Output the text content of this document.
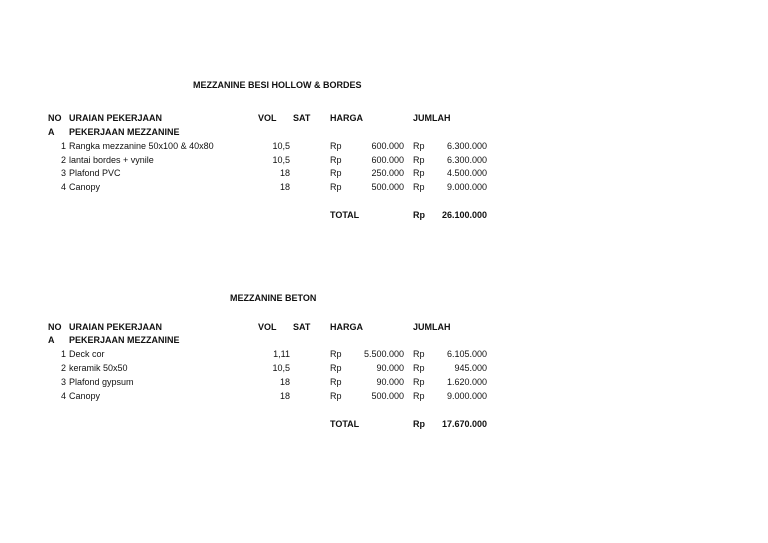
MEZZANINE BESI HOLLOW & BORDES
NO URAIAN PEKERJAAN	VOL SAT HARGA	JUMLAH
A PEKERJAAN MEZZANINE
1 Rangka mezzanine 50x100 & 40x80	10,5	Rp	600.000 Rp	6.300.000
2 lantai bordes + vynile	10,5	Rp	600.000 Rp	6.300.000
3 Plafond PVC	18	Rp	250.000 Rp	4.500.000
4 Canopy	18	Rp	500.000 Rp	9.000.000
TOTAL	Rp	26.100.000
MEZZANINE BETON
NO URAIAN PEKERJAAN	VOL SAT HARGA	JUMLAH
A PEKERJAAN MEZZANINE
1 Deck cor	1,11	Rp	5.500.000 Rp	6.105.000
2 keramik 50x50	10,5	Rp	90.000 Rp	945.000
3 Plafond gypsum	18	Rp	90.000 Rp	1.620.000
4 Canopy	18	Rp	500.000 Rp	9.000.000
TOTAL	Rp	17.670.000
